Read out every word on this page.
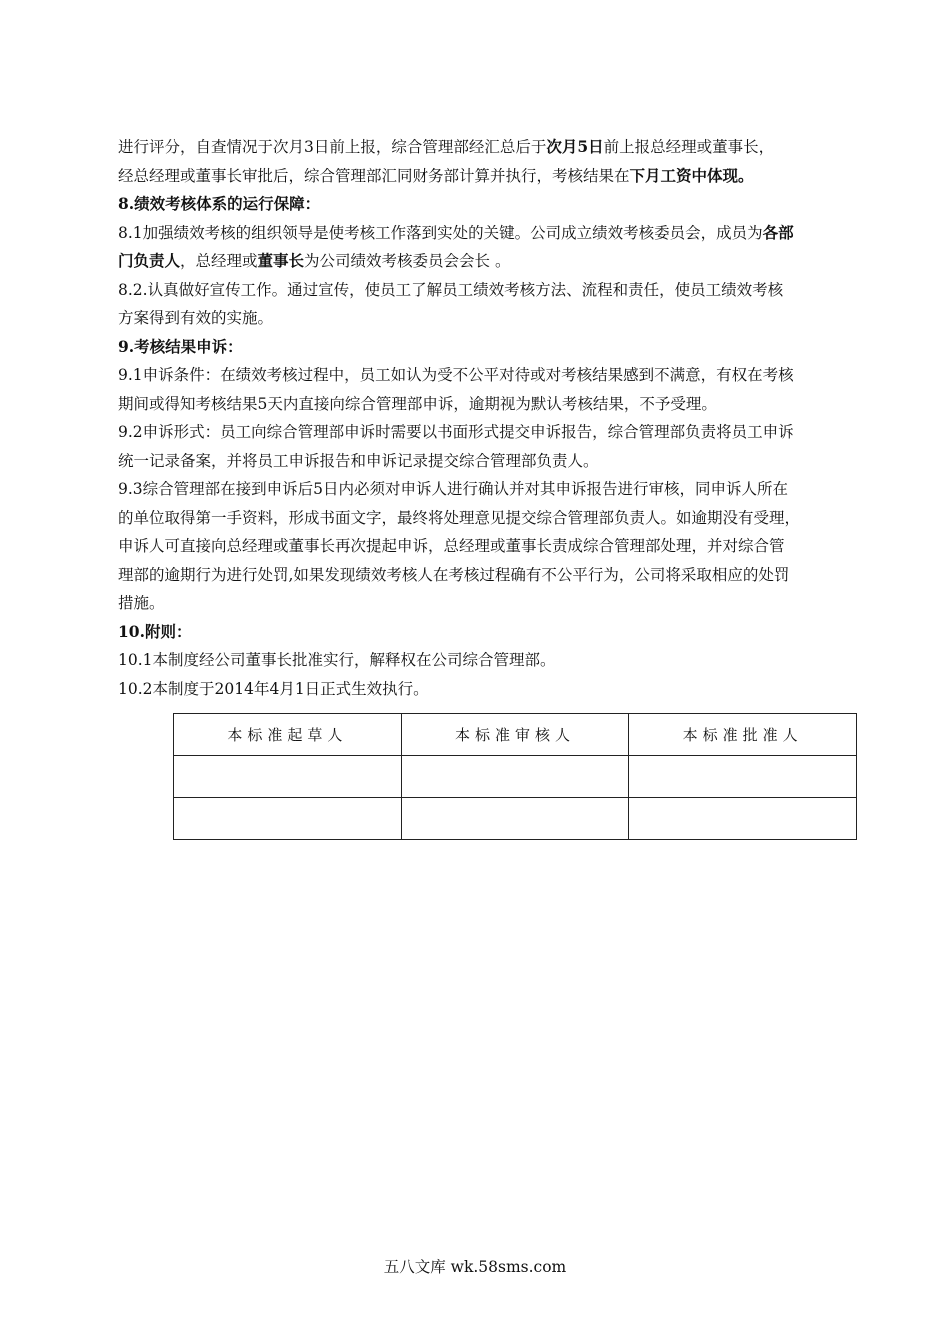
进行评分，自查情况于次月3日前上报，综合管理部经汇总后于次月5日前上报总经理或董事长，
经总经理或董事长审批后，综合管理部汇同财务部计算并执行，考核结果在下月工资中体现。
8.绩效考核体系的运行保障：
8.1加强绩效考核的组织领导是使考核工作落到实处的关键。公司成立绩效考核委员会，成员为各部
门负责人，总经理或董事长为公司绩效考核委员会会长 。
8.2.认真做好宣传工作。通过宣传，使员工了解员工绩效考核方法、流程和责任，使员工绩效考核
方案得到有效的实施。
9.考核结果申诉：
9.1申诉条件：在绩效考核过程中，员工如认为受不公平对待或对考核结果感到不满意，有权在考核
期间或得知考核结果5天内直接向综合管理部申诉，逾期视为默认考核结果，不予受理。
9.2申诉形式：员工向综合管理部申诉时需要以书面形式提交申诉报告，综合管理部负责将员工申诉
统一记录备案，并将员工申诉报告和申诉记录提交综合管理部负责人。
9.3综合管理部在接到申诉后5日内必须对申诉人进行确认并对其申诉报告进行审核，同申诉人所在
的单位取得第一手资料，形成书面文字，最终将处理意见提交综合管理部负责人。如逾期没有受理，
申诉人可直接向总经理或董事长再次提起申诉，总经理或董事长责成综合管理部处理，并对综合管
理部的逾期行为进行处罚,如果发现绩效考核人在考核过程确有不公平行为，公司将采取相应的处罚
措施。
10.附则：
10.1本制度经公司董事长批准实行，解释权在公司综合管理部。
10.2本制度于2014年4月1日正式生效执行。
本标准起草人	本标准审核人	本标准批准人

五八文库 wk.58sms.com
